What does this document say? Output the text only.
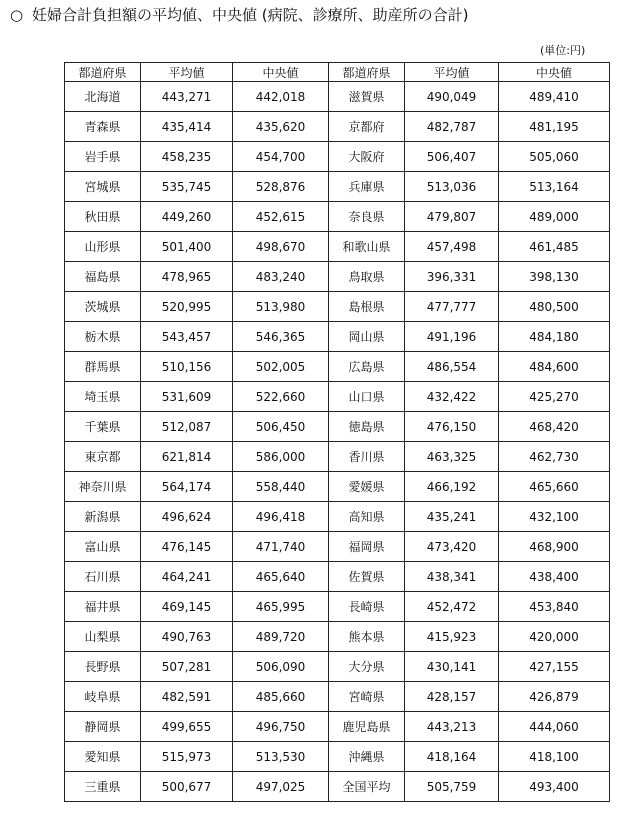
○ 妊婦合計負担額の平均値、中央値 (病院、診療所、助産所の合計)
(単位:円)
都道府県	平均値	中央値	都道府県	平均値	中央値
北海道	443,271	442,018	滋賀県	490,049	489,410
青森県	435,414	435,620	京都府	482,787	481,195
岩手県	458,235	454,700	大阪府	506,407	505,060
宮城県	535,745	528,876	兵庫県	513,036	513,164
秋田県	449,260	452,615	奈良県	479,807	489,000
山形県	501,400	498,670	和歌山県	457,498	461,485
福島県	478,965	483,240	鳥取県	396,331	398,130
茨城県	520,995	513,980	島根県	477,777	480,500
栃木県	543,457	546,365	岡山県	491,196	484,180
群馬県	510,156	502,005	広島県	486,554	484,600
埼玉県	531,609	522,660	山口県	432,422	425,270
千葉県	512,087	506,450	徳島県	476,150	468,420
東京都	621,814	586,000	香川県	463,325	462,730
神奈川県	564,174	558,440	愛媛県	466,192	465,660
新潟県	496,624	496,418	高知県	435,241	432,100
富山県	476,145	471,740	福岡県	473,420	468,900
石川県	464,241	465,640	佐賀県	438,341	438,400
福井県	469,145	465,995	長崎県	452,472	453,840
山梨県	490,763	489,720	熊本県	415,923	420,000
長野県	507,281	506,090	大分県	430,141	427,155
岐阜県	482,591	485,660	宮崎県	428,157	426,879
静岡県	499,655	496,750	鹿児島県	443,213	444,060
愛知県	515,973	513,530	沖縄県	418,164	418,100
三重県	500,677	497,025	全国平均	505,759	493,400
